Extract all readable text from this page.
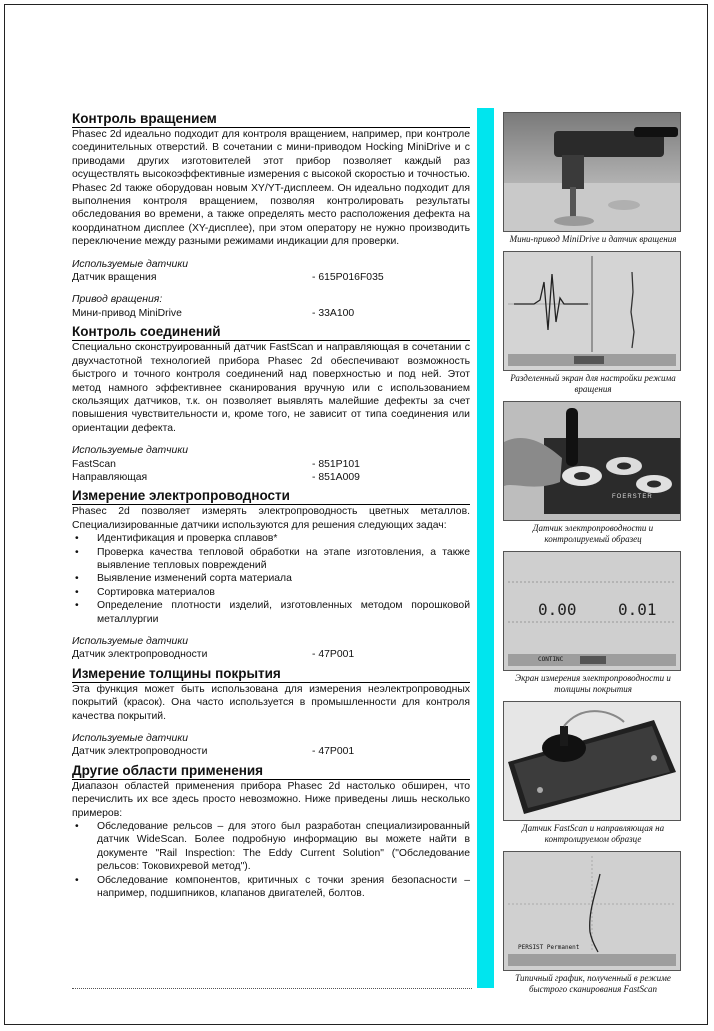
Контроль вращением

Phasec 2d идеально подходит для контроля вращением, например, при контроле соединительных отверстий. В сочетании с мини-приводом Hocking MiniDrive и с приводами других изготовителей этот прибор позволяет каждый раз осуществлять высокоэффективные измерения с высокой скоростью и точностью. Phasec 2d также оборудован новым XY/YT-дисплеем. Он идеально подходит для выполнения контроля вращением, позволяя контролировать результаты обследования во времени, а также определять место расположения дефекта на координатном дисплее (XY-дисплее), при этом оператору не нужно производить переключение между разными режимами индикации для проверки.

Используемые датчики
Датчик вращения	- 615P016F035
Привод вращения:
Мини-привод MiniDrive	- 33A100
Контроль соединений

Специально сконструированный датчик FastScan и направляющая в сочетании с двухчастотной технологией прибора Phasec 2d обеспечивают возможность быстрого и точного контроля соединений над поверхностью и под ней. Этот метод намного эффективнее сканирования вручную или с использованием скользящих датчиков, т.к. он позволяет выявлять малейшие дефекты за счет повышения чувствительности и, кроме того, не зависит от типа соединения или ориентации дефекта.

Используемые датчики
FastScan	- 851P101
Направляющая	- 851A009
Измерение электропроводности

Phasec 2d позволяет измерять электропроводность цветных металлов. Специализированные датчики используются для решения следующих задач:

• Идентификация и проверка сплавов*
• Проверка качества тепловой обработки на этапе изготовления, а также выявление тепловых повреждений
• Выявление изменений сорта материала
• Сортировка материалов
• Определение плотности изделий, изготовленных методом порошковой металлургии
Используемые датчики
Датчик электропроводности	- 47P001
Измерение толщины покрытия

Эта функция может быть использована для измерения неэлектропроводных покрытий (красок). Она часто используется в промышленности для контроля качества покрытий.

Используемые датчики
Датчик электропроводности	- 47P001
Другие области применения

Диапазон областей применения прибора Phasec 2d настолько обширен, что перечислить их все здесь просто невозможно. Ниже приведены лишь несколько примеров:

• Обследование рельсов – для этого был разработан специализированный датчик WideScan. Более подробную информацию вы можете найти в документе "Rail Inspection: The Eddy Current Solution" ("Обследование рельсов: Токовихревой метод").
• Обследование компонентов, критичных с точки зрения безопасности – например, подшипников, клапанов двигателей, болтов.
Мини-привод MiniDrive и датчик вращения
Разделенный экран для настройки режима вращения
FOERSTER
Датчик электропроводности и контролируемый образец
0.00	0.01
CONTINC
Экран измерения электропроводности и толщины покрытия
Датчик FastScan и направляющая на контролируемом образце
PERSIST Permanent
Типичный график, полученный в режиме быстрого сканирования FastScan
